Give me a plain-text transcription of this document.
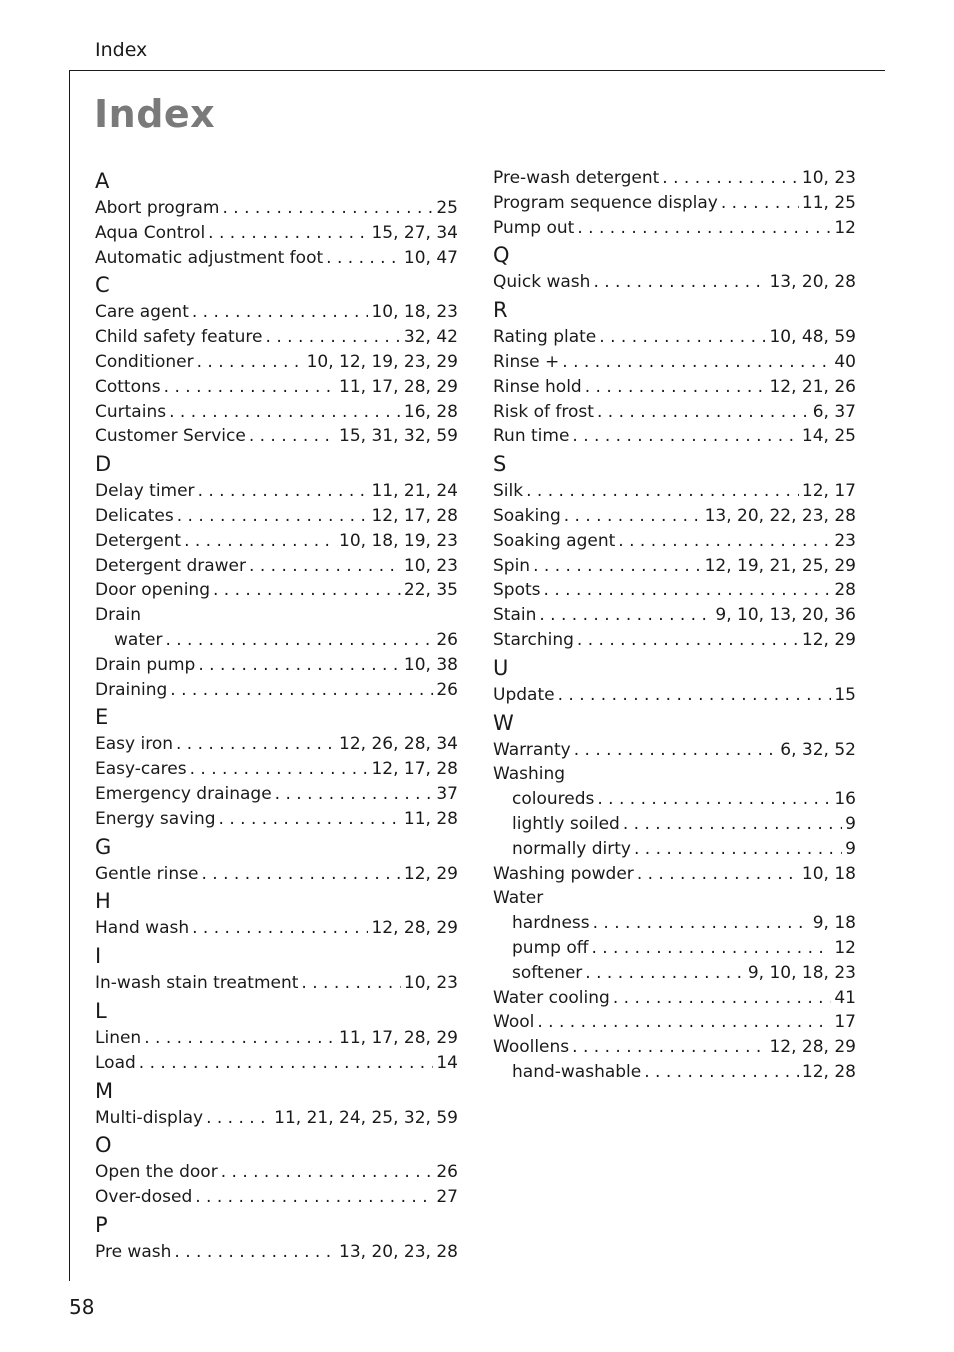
Index
Index
A
Abort program . . .	25
Aqua Control . . .	15, 27, 34
Automatic adjustment foot . . .	10, 47
C
Care agent . . .	10, 18, 23
Child safety feature . . .	32, 42
Conditioner . . .	10, 12, 19, 23, 29
Cottons . . .	11, 17, 28, 29
Curtains . . .	16, 28
Customer Service . . .	15, 31, 32, 59
D
Delay timer . . .	11, 21, 24
Delicates . . .	12, 17, 28
Detergent . . .	10, 18, 19, 23
Detergent drawer . . .	10, 23
Door opening . . .	22, 35
Drain
water . . .	26
Drain pump . . .	10, 38
Draining . . .	26
E
Easy iron . . .	12, 26, 28, 34
Easy-cares . . .	12, 17, 28
Emergency drainage . . .	37
Energy saving . . .	11, 28
G
Gentle rinse . . .	12, 29
H
Hand wash . . .	12, 28, 29
I
In-wash stain treatment . . .	10, 23
L
Linen . . .	11, 17, 28, 29
Load . . .	14
M
Multi-display . . .	11, 21, 24, 25, 32, 59
O
Open the door . . .	26
Over-dosed . . .	27
P
Pre wash . . .	13, 20, 23, 28
Pre-wash detergent . . .	10, 23
Program sequence display . . .	11, 25
Pump out . . .	12
Q
Quick wash . . .	13, 20, 28
R
Rating plate . . .	10, 48, 59
Rinse + . . .	40
Rinse hold . . .	12, 21, 26
Risk of frost . . .	6, 37
Run time . . .	14, 25
S
Silk . . .	12, 17
Soaking . . .	13, 20, 22, 23, 28
Soaking agent . . .	23
Spin . . .	12, 19, 21, 25, 29
Spots . . .	28
Stain . . .	9, 10, 13, 20, 36
Starching . . .	12, 29
U
Update . . .	15
W
Warranty . . .	6, 32, 52
Washing
coloureds . . .	16
lightly soiled . . .	9
normally dirty . . .	9
Washing powder . . .	10, 18
Water
hardness . . .	9, 18
pump off . . .	12
softener . . .	9, 10, 18, 23
Water cooling . . .	41
Wool . . .	17
Woollens . . .	12, 28, 29
hand-washable . . .	12, 28
58
